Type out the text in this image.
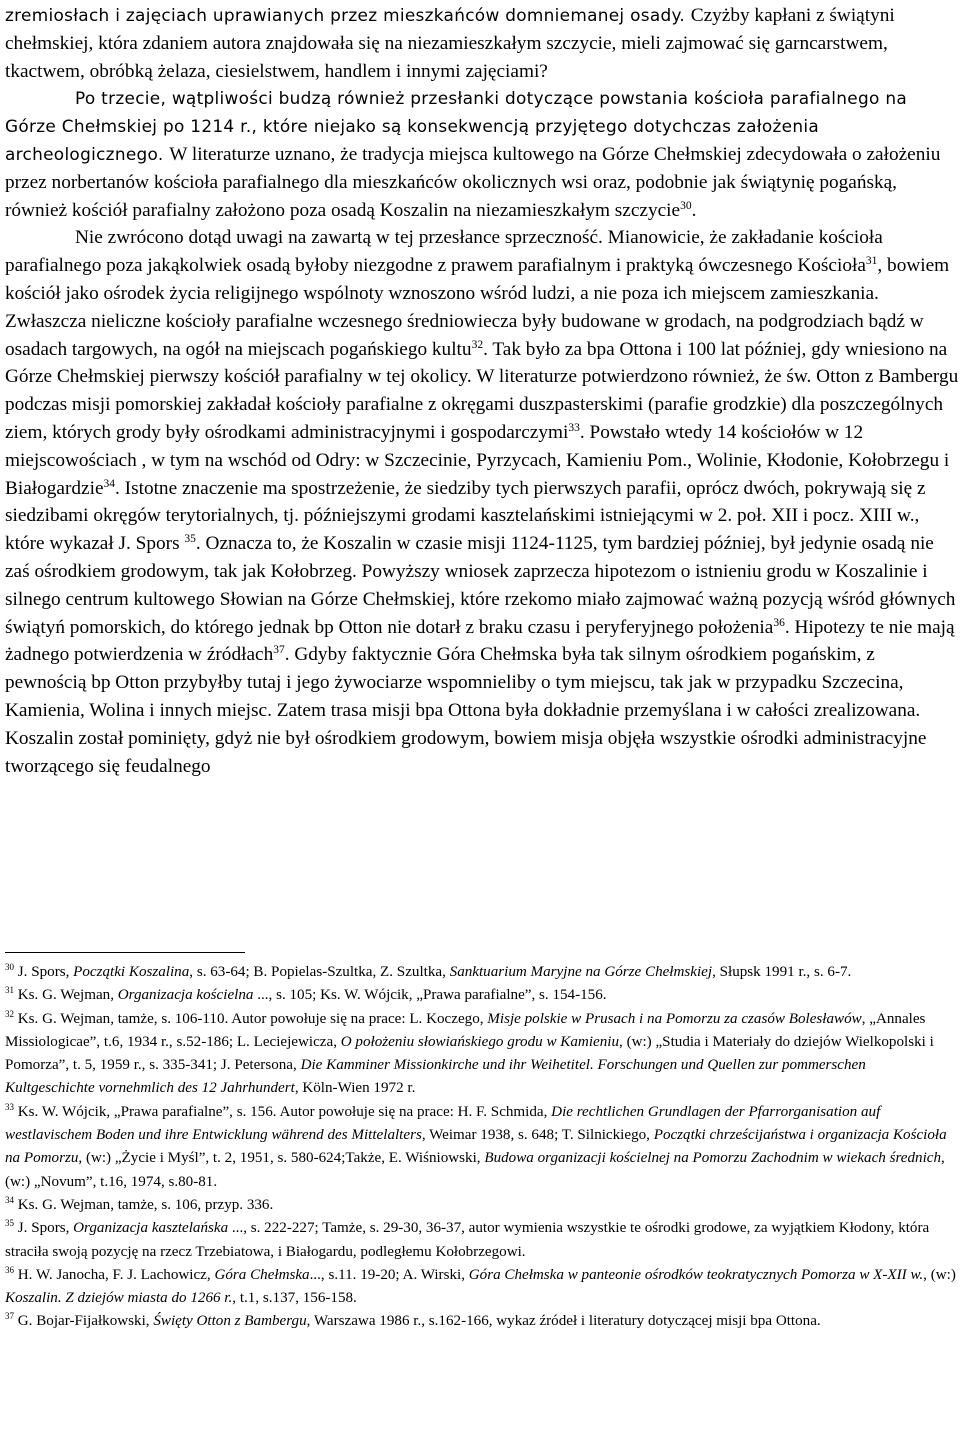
zremiosłach i zajęciach uprawianych przez mieszkańców domniemanej osady. Czyżby kapłani z świątyni chełmskiej, która zdaniem autora znajdowała się na niezamieszkałym szczycie, mieli zajmować się garncarstwem, tkactwem, obróbką żelaza, ciesielstwem, handlem i innymi zajęciami?

Po trzecie, wątpliwości budzą również przesłanki dotyczące powstania kościoła parafialnego na Górze Chełmskiej po 1214 r., które niejako są konsekwencją przyjętego dotychczas założenia archeologicznego. W literaturze uznano, że tradycja miejsca kultowego na Górze Chełmskiej zdecydowała o założeniu przez norbertanów kościoła parafialnego dla mieszkańców okolicznych wsi oraz, podobnie jak świątynię pogańską, również kościół parafialny założono poza osadą Koszalin na niezamieszkałym szczycie$^{30}$.

Nie zwrócono dotąd uwagi na zawartą w tej przesłance sprzeczność. Mianowicie, że zakładanie kościoła parafialnego poza jakąkolwiek osadą byłoby niezgodne z prawem parafialnym i praktyką ówczesnego Kościoła$^{31}$, bowiem kościół jako ośrodek życia religijnego wspólnoty wznoszono wśród ludzi, a nie poza ich miejscem zamieszkania. Zwłaszcza nieliczne kościoły parafialne wczesnego średniowiecza były budowane w grodach, na podgrodziach bądź w osadach targowych, na ogół na miejscach pogańskiego kultu$^{32}$. Tak było za bpa Ottona i 100 lat później, gdy wniesiono na Górze Chełmskiej pierwszy kościół parafialny w tej okolicy. W literaturze potwierdzono również, że św. Otton z Bambergu podczas misji pomorskiej zakładał kościoły parafialne z okręgami duszpasterskimi (parafie grodzkie) dla poszczególnych ziem, których grody były ośrodkami administracyjnymi i gospodarczymi$^{33}$. Powstało wtedy 14 kościołów w 12 miejscowościach , w tym na wschód od Odry: w Szczecinie, Pyrzycach, Kamieniu Pom., Wolinie, Kłodonie, Kołobrzegu i Białogardzie$^{34}$. Istotne znaczenie ma spostrzeżenie, że siedziby tych pierwszych parafii, oprócz dwóch, pokrywają się z siedzibami okręgów terytorialnych, tj. późniejszymi grodami kasztelańskimi istniejącymi w 2. poł. XII i pocz. XIII w., które wykazał J. Spors $^{35}$. Oznacza to, że Koszalin w czasie misji 1124-1125, tym bardziej później, był jedynie osadą nie zaś ośrodkiem grodowym, tak jak Kołobrzeg. Powyższy wniosek zaprzecza hipotezom o istnieniu grodu w Koszalinie i silnego centrum kultowego Słowian na Górze Chełmskiej, które rzekomo miało zajmować ważną pozycją wśród głównych świątyń pomorskich, do którego jednak bp Otton nie dotarł z braku czasu i peryferyjnego położenia$^{36}$. Hipotezy te nie mają żadnego potwierdzenia w źródłach$^{37}$. Gdyby faktycznie Góra Chełmska była tak silnym ośrodkiem pogańskim, z pewnością bp Otton przybyłby tutaj i jego żywociarze wspomnieliby o tym miejscu, tak jak w przypadku Szczecina, Kamienia, Wolina i innych miejsc. Zatem trasa misji bpa Ottona była dokładnie przemyślana i w całości zrealizowana. Koszalin został pominięty, gdyż nie był ośrodkiem grodowym, bowiem misja objęła wszystkie ośrodki administracyjne tworzącego się feudalnego

$^{30}$ J. Spors, Początki Koszalina, s. 63-64; B. Popielas-Szultka, Z. Szultka, Sanktuarium Maryjne na Górze Chełmskiej, Słupsk 1991 r., s. 6-7.

$^{31}$ Ks. G. Wejman, Organizacja kościelna ..., s. 105; Ks. W. Wójcik, „Prawa parafialne”, s. 154-156.

$^{32}$ Ks. G. Wejman, tamże, s. 106-110. Autor powołuje się na prace: L. Koczego, Misje polskie w Prusach i na Pomorzu za czasów Bolesławów, „Annales Missiologicae”, t.6, 1934 r., s.52-186; L. Leciejewicza, O położeniu słowiańskiego grodu w Kamieniu, (w:) „Studia i Materiały do dziejów Wielkopolski i Pomorza”, t. 5, 1959 r., s. 335-341; J. Petersona, Die Kamminer Missionkirche und ihr Weihetitel. Forschungen und Quellen zur pommerschen Kultgeschichte vornehmlich des 12 Jahrhundert, Köln-Wien 1972 r.

$^{33}$ Ks. W. Wójcik, „Prawa parafialne”, s. 156. Autor powołuje się na prace: H. F. Schmida, Die rechtlichen Grundlagen der Pfarrorganisation auf westlavischem Boden und ihre Entwicklung während des Mittelalters, Weimar 1938, s. 648; T. Silnickiego, Początki chrześcijaństwa i organizacja Kościoła na Pomorzu, (w:) „Życie i Myśl”, t. 2, 1951, s. 580-624;Także, E. Wiśniowski, Budowa organizacji kościelnej na Pomorzu Zachodnim w wiekach średnich, (w:) „Novum”, t.16, 1974, s.80-81.

$^{34}$ Ks. G. Wejman, tamże, s. 106, przyp. 336.

$^{35}$ J. Spors, Organizacja kasztelańska ..., s. 222-227; Tamże, s. 29-30, 36-37, autor wymienia wszystkie te ośrodki grodowe, za wyjątkiem Kłodony, która straciła swoją pozycję na rzecz Trzebiatowa, i Białogardu, podległemu Kołobrzegowi.

$^{36}$ H. W. Janocha, F. J. Lachowicz, Góra Chełmska..., s.11. 19-20; A. Wirski, Góra Chełmska w panteonie ośrodków teokratycznych Pomorza w X-XII w., (w:) Koszalin. Z dziejów miasta do 1266 r., t.1, s.137, 156-158.

$^{37}$ G. Bojar-Fijałkowski, Święty Otton z Bambergu, Warszawa 1986 r., s.162-166, wykaz źródeł i literatury dotyczącej misji bpa Ottona.
